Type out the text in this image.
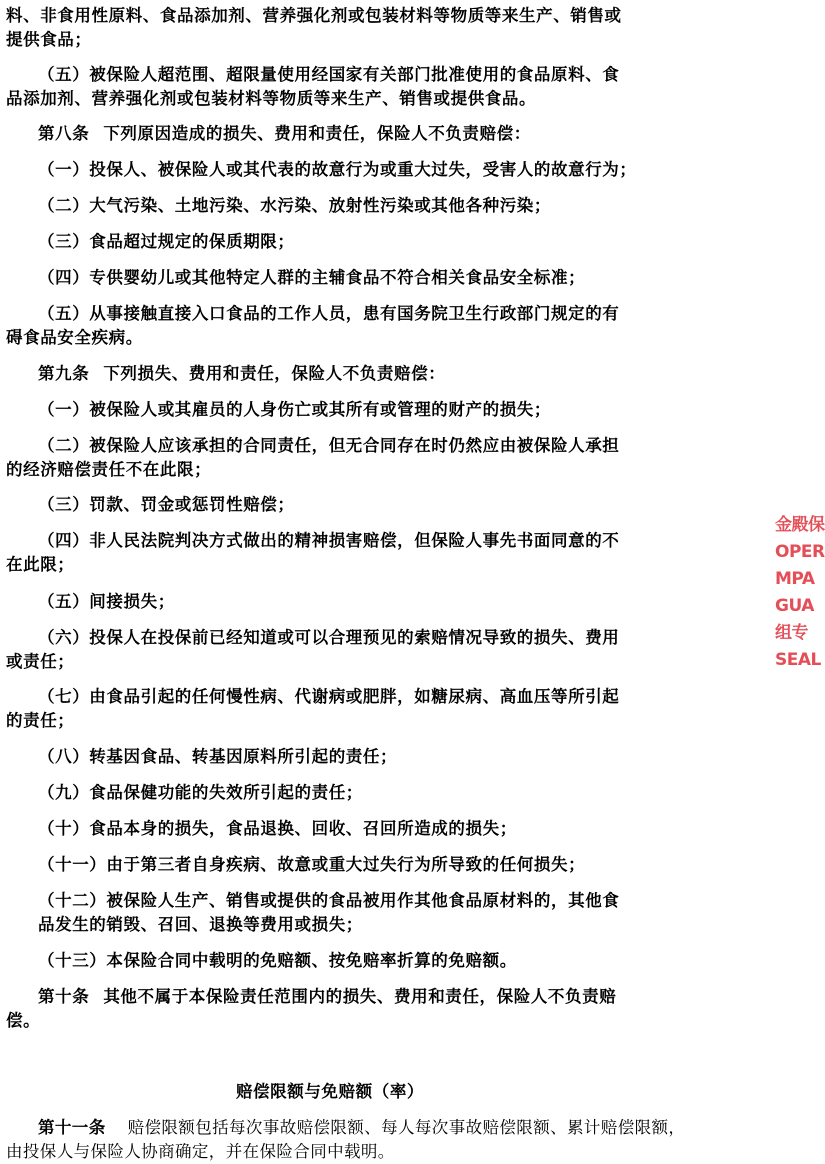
料、非食用性原料、食品添加剂、营养强化剂或包装材料等物质等来生产、销售或
提供食品；
（五）被保险人超范围、超限量使用经国家有关部门批准使用的食品原料、食
品添加剂、营养强化剂或包装材料等物质等来生产、销售或提供食品。
第八条 下列原因造成的损失、费用和责任，保险人不负责赔偿：
（一）投保人、被保险人或其代表的故意行为或重大过失，受害人的故意行为；
（二）大气污染、土地污染、水污染、放射性污染或其他各种污染；
（三）食品超过规定的保质期限；
（四）专供婴幼儿或其他特定人群的主辅食品不符合相关食品安全标准；
（五）从事接触直接入口食品的工作人员，患有国务院卫生行政部门规定的有
碍食品安全疾病。
第九条 下列损失、费用和责任，保险人不负责赔偿：
（一）被保险人或其雇员的人身伤亡或其所有或管理的财产的损失；
（二）被保险人应该承担的合同责任，但无合同存在时仍然应由被保险人承担
的经济赔偿责任不在此限；
（三）罚款、罚金或惩罚性赔偿；
（四）非人民法院判决方式做出的精神损害赔偿，但保险人事先书面同意的不
在此限；
（五）间接损失；
（六）投保人在投保前已经知道或可以合理预见的索赔情况导致的损失、费用
或责任；
（七）由食品引起的任何慢性病、代谢病或肥胖，如糖尿病、高血压等所引起
的责任；
（八）转基因食品、转基因原料所引起的责任；
（九）食品保健功能的失效所引起的责任；
（十）食品本身的损失，食品退换、回收、召回所造成的损失；
（十一）由于第三者自身疾病、故意或重大过失行为所导致的任何损失；
（十二）被保险人生产、销售或提供的食品被用作其他食品原材料的，其他食
品发生的销毁、召回、退换等费用或损失；
（十三）本保险合同中载明的免赔额、按免赔率折算的免赔额。
第十条 其他不属于本保险责任范围内的损失、费用和责任，保险人不负责赔
偿。
赔偿限额与免赔额（率）
第十一条 赔偿限额包括每次事故赔偿限额、每人每次事故赔偿限额、累计赔偿限额，
由投保人与保险人协商确定，并在保险合同中载明。
金殿保
OPER
MPA
GUA
组专
SEAL
